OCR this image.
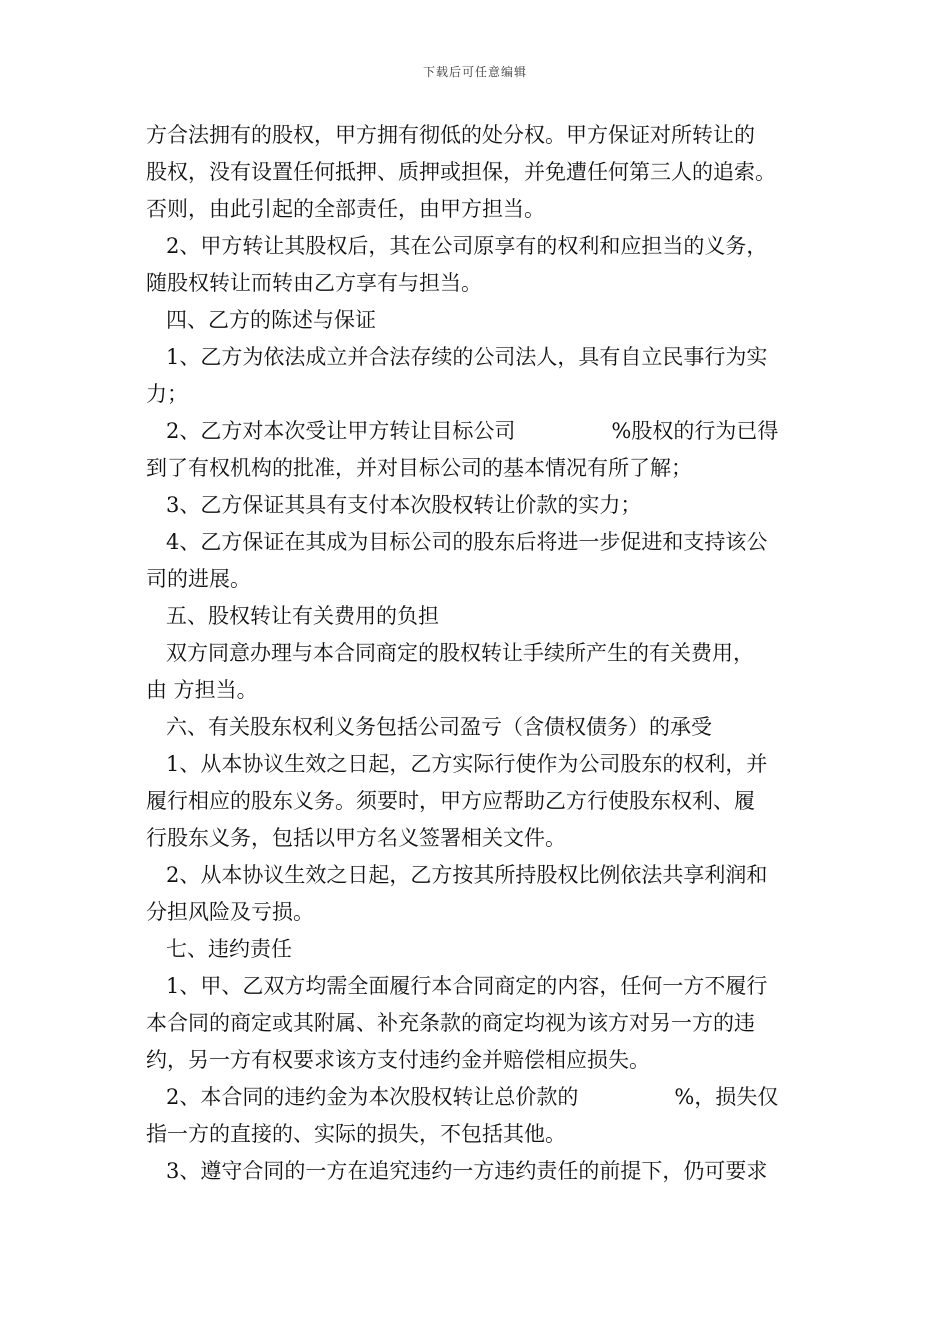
下载后可任意编辑
方合法拥有的股权，甲方拥有彻低的处分权。甲方保证对所转让的
股权，没有设置任何抵押、质押或担保，并免遭任何第三人的追索。
否则，由此引起的全部责任，由甲方担当。
2、甲方转让其股权后，其在公司原享有的权利和应担当的义务，
随股权转让而转由乙方享有与担当。
四、乙方的陈述与保证
1、乙方为依法成立并合法存续的公司法人，具有自立民事行为实
力；
2、乙方对本次受让甲方转让目标公司	%股权的行为已得
到了有权机构的批准，并对目标公司的基本情况有所了解；
3、乙方保证其具有支付本次股权转让价款的实力；
4、乙方保证在其成为目标公司的股东后将进一步促进和支持该公
司的进展。
五、股权转让有关费用的负担
双方同意办理与本合同商定的股权转让手续所产生的有关费用，
由 方担当。
六、有关股东权利义务包括公司盈亏（含债权债务）的承受
1、从本协议生效之日起，乙方实际行使作为公司股东的权利，并
履行相应的股东义务。须要时，甲方应帮助乙方行使股东权利、履
行股东义务，包括以甲方名义签署相关文件。
2、从本协议生效之日起，乙方按其所持股权比例依法共享利润和
分担风险及亏损。
七、违约责任
1、甲、乙双方均需全面履行本合同商定的内容，任何一方不履行
本合同的商定或其附属、补充条款的商定均视为该方对另一方的违
约，另一方有权要求该方支付违约金并赔偿相应损失。
2、本合同的违约金为本次股权转让总价款的	%，损失仅
指一方的直接的、实际的损失，不包括其他。
3、遵守合同的一方在追究违约一方违约责任的前提下，仍可要求
